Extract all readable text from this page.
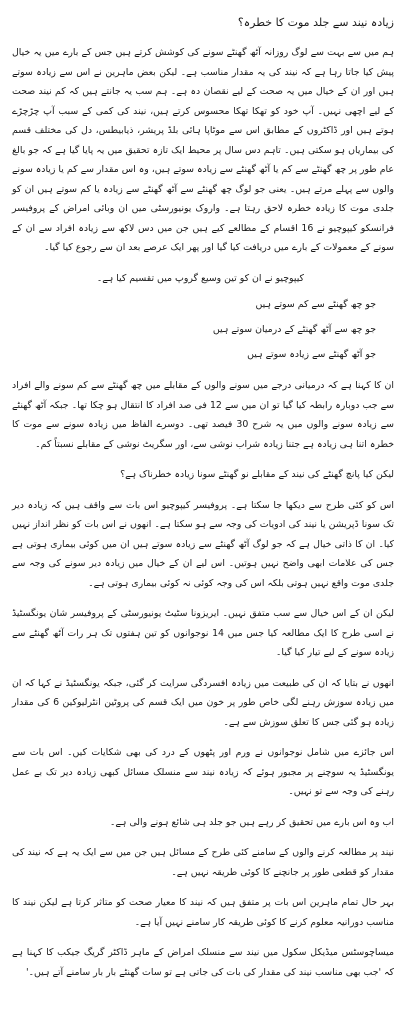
زیادہ نیند سے جلد موت کا خطرہ؟

ہم میں سے بہت سے لوگ روزانہ آٹھ گھنٹے سونے کی کوشش کرتے ہیں جس کے بارے میں یہ خیال پیش کیا جاتا رہا ہے کہ نیند کی یہ مقدار مناسب ہے۔ لیکن بعض ماہرین نے اس سے زیادہ سوتے ہیں اور ان کے خیال میں یہ صحت کے لیے نقصان دہ ہے۔ ہم سب یہ جانتے ہیں کہ کم نیند صحت کے لیے اچھی نہیں۔ آپ خود کو تھکا تھکا محسوس کرتے ہیں، نیند کی کمی کے سبب آپ چڑچڑے ہوتے ہیں اور ڈاکٹروں کے مطابق اس سے موٹاپا ہائی بلڈ پریشر، ذیابیطس، دل کی مختلف قسم کی بیماریاں ہو سکتی ہیں۔ تاہم دس سال پر محیط ایک تازہ تحقیق میں یہ پایا گیا ہے کہ جو بالغ عام طور پر چھ گھنٹے سے کم یا آٹھ گھنٹے سے زیادہ سوتے ہیں، وہ اس مقدار سے کم یا زیادہ سونے والوں سے پہلے مرتے ہیں۔ یعنی جو لوگ چھ گھنٹے سے آٹھ گھنٹے سے زیادہ یا کم سوتے ہیں ان کو جلدی موت کا زیادہ خطرہ لاحق رہتا ہے۔ واروک یونیورسٹی میں ان وبائی امراض کے پروفیسر فرانسکو کیپوچیو نے 16 اقسام کے مطالعے کیے ہیں جن میں دس لاکھ سے زیادہ افراد سے ان کے سونے کے معمولات کے بارے میں دریافت کیا گیا اور پھر ایک عرصے بعد ان سے رجوع کیا گیا۔

کیپوچیو نے ان کو تین وسیع گروپ میں تقسیم کیا ہے۔

جو چھ گھنٹے سے کم سوتے ہیں

جو چھ سے آٹھ گھنٹے کے درمیان سوتے ہیں

جو آٹھ گھنٹے سے زیادہ سوتے ہیں

ان کا کہنا ہے کہ درمیانی درجے میں سونے والوں کے مقابلے میں چھ گھنٹے سے کم سونے والے افراد سے جب دوبارہ رابطہ کیا گیا تو ان میں سے 12 فی صد افراد کا انتقال ہو چکا تھا۔ جبکہ آٹھ گھنٹے سے زیادہ سونے والوں میں یہ شرح 30 فیصد تھی۔ دوسرے الفاظ میں زیادہ سونے سے موت کا خطرہ اتنا ہی زیادہ ہے جتنا زیادہ شراب نوشی سے، اور سگریٹ نوشی کے مقابلے نسبتاً کم۔

لیکن کیا پانچ گھنٹے کی نیند کے مقابلے نو گھنٹے سونا زیادہ خطرناک ہے؟

اس کو کئی طرح سے دیکھا جا سکتا ہے۔ پروفیسر کیپوچیو اس بات سے واقف ہیں کہ زیادہ دیر تک سونا ڈپریشن یا نیند کی ادویات کی وجہ سے ہو سکتا ہے۔ انھوں نے اس بات کو نظر انداز نہیں کیا۔ ان کا ذاتی خیال ہے کہ جو لوگ آٹھ گھنٹے سے زیادہ سوتے ہیں ان میں کوئی بیماری ہوتی ہے جس کی علامات ابھی واضح نہیں ہوتیں۔ اس لیے ان کے خیال میں زیادہ دیر سونے کی وجہ سے جلدی موت واقع نہیں ہوتی بلکہ اس کی وجہ کوئی نہ کوئی بیماری ہوتی ہے۔

لیکن ان کے اس خیال سے سب متفق نہیں۔ ایریزونا سٹیٹ یونیورسٹی کے پروفیسر شان یونگسٹیڈ نے اسی طرح کا ایک مطالعہ کیا جس میں 14 نوجوانوں کو تین ہفتوں تک ہر رات آٹھ گھنٹے سے زیادہ سونے کے لیے تیار کیا گیا۔

انھوں نے بتایا کہ ان کی طبیعت میں زیادہ افسردگی سرایت کر گئی، جبکہ یونگسٹیڈ نے کہا کہ ان میں زیادہ سوزش رہنے لگی خاص طور پر خون میں ایک قسم کی پروٹین انٹرلیوکین 6 کی مقدار زیادہ ہو گئی جس کا تعلق سوزش سے ہے۔

اس جائزے میں شامل نوجوانوں نے ورم اور پٹھوں کے درد کی بھی شکایات کیں۔ اس بات سے یونگسٹیڈ یہ سوچنے پر مجبور ہوئے کہ زیادہ نیند سے منسلک مسائل کبھی زیادہ دیر تک بے عمل رہنے کی وجہ سے تو نہیں۔

اب وہ اس بارے میں تحقیق کر رہے ہیں جو جلد ہی شائع ہونے والی ہے۔

نیند پر مطالعہ کرنے والوں کے سامنے کئی طرح کے مسائل ہیں جن میں سے ایک یہ ہے کہ نیند کی مقدار کو قطعی طور پر جانچنے کا کوئی طریقہ نہیں ہے۔

بہر حال تمام ماہرین اس بات پر متفق ہیں کہ نیند کا معیار صحت کو متاثر کرتا ہے لیکن نیند کا مناسب دورانیہ معلوم کرنے کا کوئی طریقہ کار سامنے نہیں آیا ہے۔

میساچوسٹس میڈیکل سکول میں نیند سے منسلک امراض کے ماہر ڈاکٹر گریگ جیکب کا کہنا ہے کہ 'جب بھی مناسب نیند کی مقدار کی بات کی جاتی ہے تو سات گھنٹے بار بار سامنے آتے ہیں۔'
